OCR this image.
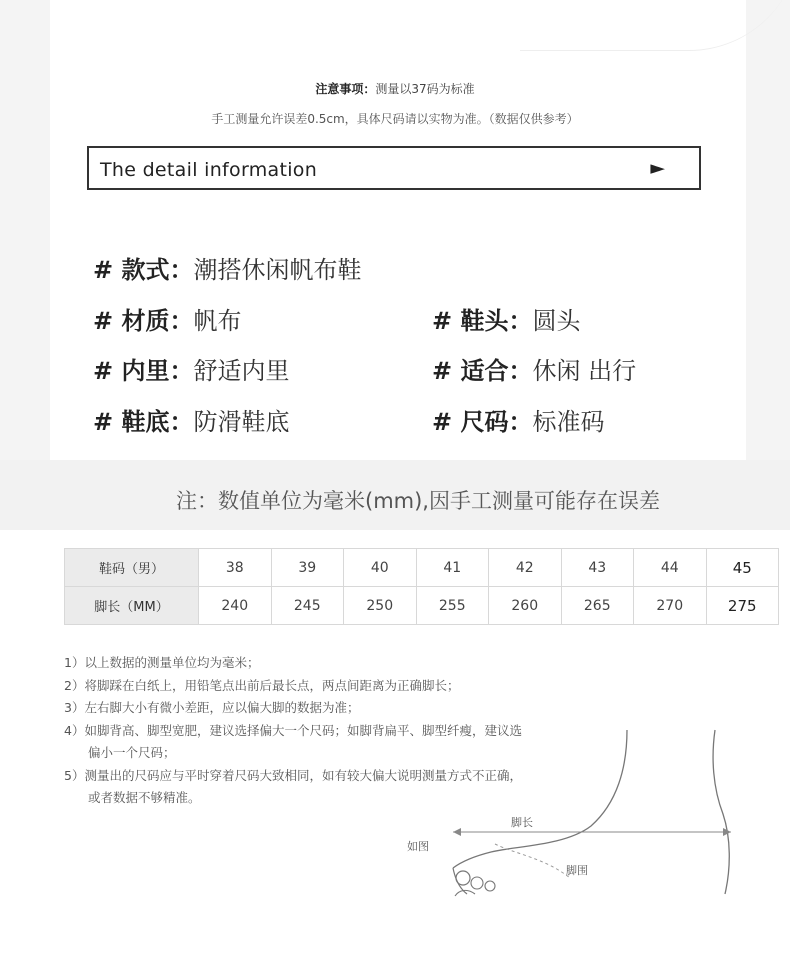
注意事项：测量以37码为标准
手工测量允许误差0.5cm，具体尺码请以实物为准。（数据仅供参考）
The detail information	►
# 款式：潮搭休闲帆布鞋
# 材质：帆布	# 鞋头：圆头
# 内里：舒适内里	# 适合：休闲 出行
# 鞋底：防滑鞋底	# 尺码：标准码
注：数值单位为毫米(mm),因手工测量可能存在误差
鞋码（男）	38	39	40	41	42	43	44	45
脚长（MM）	240	245	250	255	260	265	270	275
1）以上数据的测量单位均为毫米；
2）将脚踩在白纸上，用铅笔点出前后最长点，两点间距离为正确脚长；
3）左右脚大小有微小差距，应以偏大脚的数据为准；
4）如脚背高、脚型宽肥，建议选择偏大一个尺码；如脚背扁平、脚型纤瘦，建议选
偏小一个尺码；
5）测量出的尺码应与平时穿着尺码大致相同，如有较大偏大说明测量方式不正确，
或者数据不够精准。
如图
脚长
脚围
